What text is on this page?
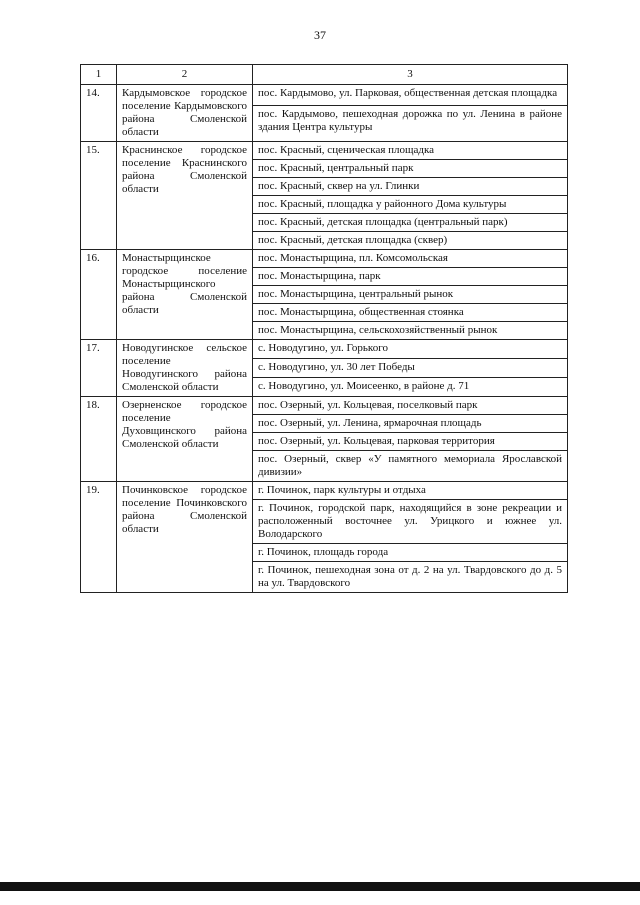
37
1	2	3
14.	Кардымовское городское поселение Кардымовского района Смоленской области	пос. Кардымово, ул. Парковая, общественная детская площадка
		пос. Кардымово, пешеходная дорожка по ул. Ленина в районе здания Центра культуры
15.	Краснинское городское поселение Краснинского района Смоленской области	пос. Красный, сценическая площадка
		пос. Красный, центральный парк
		пос. Красный, сквер на ул. Глинки
		пос. Красный, площадка у районного Дома культуры
		пос. Красный, детская площадка (центральный парк)
		пос. Красный, детская площадка (сквер)
16.	Монастырщинское городское поселение Монастырщинского района Смоленской области	пос. Монастырщина, пл. Комсомольская
		пос. Монастырщина, парк
		пос. Монастырщина, центральный рынок
		пос. Монастырщина, общественная стоянка
		пос. Монастырщина, сельскохозяйственный рынок
17.	Новодугинское сельское поселение Новодугинского района Смоленской области	с. Новодугино, ул. Горького
		с. Новодугино, ул. 30 лет Победы
		с. Новодугино, ул. Моисеенко, в районе д. 71
18.	Озерненское городское поселение Духовщинского района Смоленской области	пос. Озерный, ул. Кольцевая, поселковый парк
		пос. Озерный, ул. Ленина, ярмарочная площадь
		пос. Озерный, ул. Кольцевая, парковая территория
		пос. Озерный, сквер «У памятного мемориала Ярославской дивизии»
19.	Починковское городское поселение Починковского района Смоленской области	г. Починок, парк культуры и отдыха
		г. Починок, городской парк, находящийся в зоне рекреации и расположенный восточнее ул. Урицкого и южнее ул. Володарского
		г. Починок, площадь города
		г. Починок, пешеходная зона от д. 2 на ул. Твардовского до д. 5 на ул. Твардовского
